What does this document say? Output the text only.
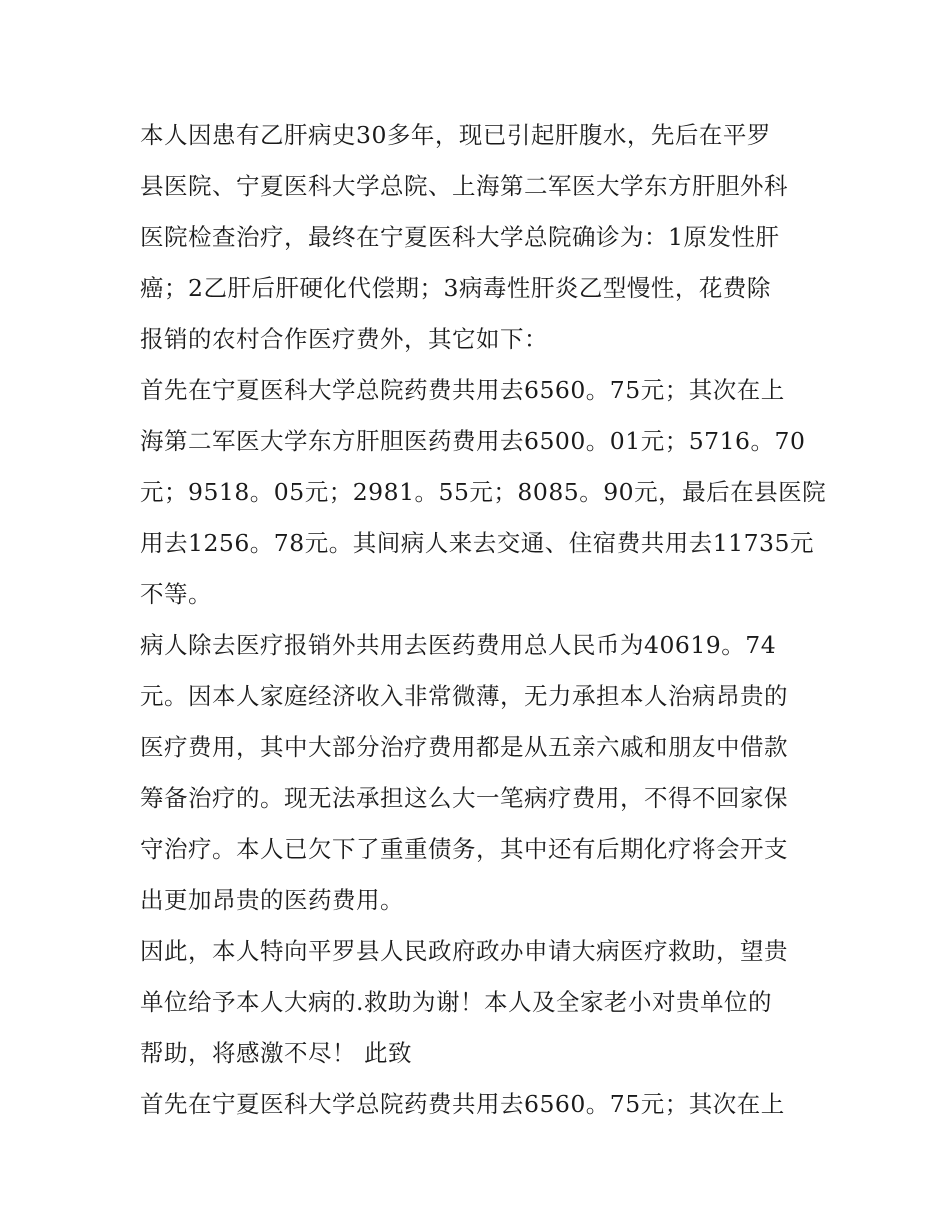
本人因患有乙肝病史30多年，现已引起肝腹水，先后在平罗
县医院、宁夏医科大学总院、上海第二军医大学东方肝胆外科
医院检查治疗，最终在宁夏医科大学总院确诊为：1原发性肝
癌；2乙肝后肝硬化代偿期；3病毒性肝炎乙型慢性，花费除
报销的农村合作医疗费外，其它如下：
首先在宁夏医科大学总院药费共用去6560。75元；其次在上
海第二军医大学东方肝胆医药费用去6500。01元；5716。70
元；9518。05元；2981。55元；8085。90元，最后在县医院
用去1256。78元。其间病人来去交通、住宿费共用去11735元
不等。
病人除去医疗报销外共用去医药费用总人民币为40619。74
元。因本人家庭经济收入非常微薄，无力承担本人治病昂贵的
医疗费用，其中大部分治疗费用都是从五亲六戚和朋友中借款
筹备治疗的。现无法承担这么大一笔病疗费用，不得不回家保
守治疗。本人已欠下了重重债务，其中还有后期化疗将会开支
出更加昂贵的医药费用。
因此，本人特向平罗县人民政府政办申请大病医疗救助，望贵
单位给予本人大病的.救助为谢！本人及全家老小对贵单位的
帮助，将感激不尽！ 此致
首先在宁夏医科大学总院药费共用去6560。75元；其次在上
